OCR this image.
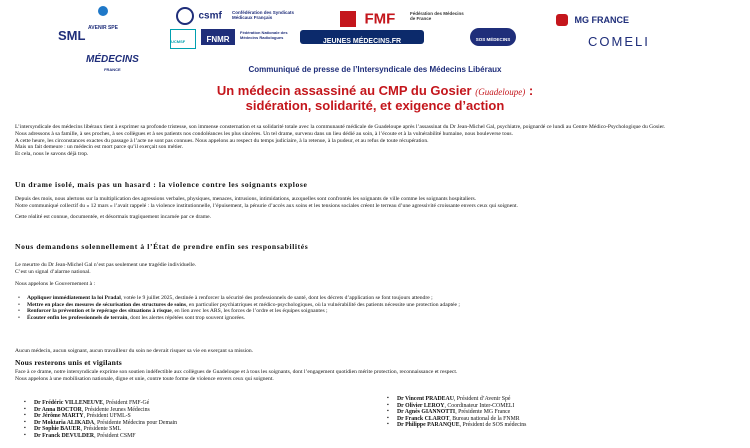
AVENIR SPE
csmf Confédération des Syndicats Médicaux Français	FMF	Fédération des Médecins de France	MG FRANCE
SML	UCMSF	FNMR
Fédération Nationale des Médecins Radiologues
JEUNES MÉDECINS.FR	SOS MÉDECINS	COMELI
MÉDECINS
FRANCE	Communiqué de presse de l’Intersyndicale des Médecins Libéraux
Un médecin assassiné au CMP du Gosier (Guadeloupe) :
sidération, solidarité, et exigence d’action
L’intersyndicale des médecins libéraux tient à exprimer sa profonde tristesse, son immense consternation et sa solidarité totale avec la communauté médicale de Guadeloupe après l’assassinat du Dr Jean-Michel Gal, psychiatre, poignardé ce lundi au Centre Médico-Psychologique du Gosier.
Nous adressons à sa famille, à ses proches, à ses collègues et à ses patients nos condoléances les plus sincères. Un tel drame, survenu dans un lieu dédié au soin, à l’écoute et à la vulnérabilité humaine, nous bouleverse tous.
A cette heure, les circonstances exactes du passage à l’acte ne sont pas connues. Nous appelons au respect du temps judiciaire, à la retenue, à la pudeur, et au refus de toute récupération.
Mais un fait demeure : un médecin est mort parce qu’il exerçait son métier.
Et cela, nous le savons déjà trop.
Un drame isolé, mais pas un hasard : la violence contre les soignants explose
Depuis des mois, nous alertons sur la multiplication des agressions verbales, physiques, menaces, intrusions, intimidations, auxquelles sont confrontés les soignants de ville comme les soignants hospitaliers.
Notre communiqué collectif du « 12 mars » l’avait rappelé : la violence institutionnelle, l’épuisement, la pénurie d’accès aux soins et les tensions sociales créent le terreau d’une agressivité croissante envers ceux qui soignent.
Cette réalité est connue, documentée, et désormais tragiquement incarnée par ce drame.
Nous demandons solennellement à l’État de prendre enfin ses responsabilités
Le meurtre du Dr Jean-Michel Gal n’est pas seulement une tragédie individuelle.
C’est un signal d’alarme national.
Nous appelons le Gouvernement à :
• Appliquer immédiatement la loi Pradal, votée le 9 juillet 2025, destinée à renforcer la sécurité des professionnels de santé, dont les décrets d’application se font toujours attendre ;
• Mettre en place des mesures de sécurisation des structures de soins, en particulier psychiatriques et médico-psychologiques, où la vulnérabilité des patients nécessite une protection adaptée ;
• Renforcer la prévention et le repérage des situations à risque, en lien avec les ARS, les forces de l’ordre et les équipes soignantes ;
• Écouter enfin les professionnels de terrain, dont les alertes répétées sont trop souvent ignorées.
Aucun médecin, aucun soignant, aucun travailleur du soin ne devrait risquer sa vie en exerçant sa mission.
Nous resterons unis et vigilants
Face à ce drame, notre intersyndicale exprime son soutien indéfectible aux collègues de Guadeloupe et à tous les soignants, dont l’engagement quotidien mérite protection, reconnaissance et respect.
Nous appelons à une mobilisation nationale, digne et unie, contre toute forme de violence envers ceux qui soignent.
▪ Dr Frédéric VILLENEUVE, Président FMF-Gé
▪ Dr Anna BOCTOR, Présidente Jeunes Médecins
▪ Dr Jérôme MARTY, Président UFML-S
▪ Dr Moktaria ALIKADA, Présidente Médecins pour Demain
▪ Dr Sophie BAUER, Présidente SML
▪ Dr Franck DEVULDER, Président CSMF
▪ Dr Vincent PRADEAU, Président d’Avenir Spé
▪ Dr Olivier LEROY, Coordinateur Inter-COMELI
▪ Dr Agnès GIANNOTTI, Présidente MG France
▪ Dr Franck CLAROT, Bureau national de la FNMR
▪ Dr Philippe PARANQUE, Président de SOS médecins
